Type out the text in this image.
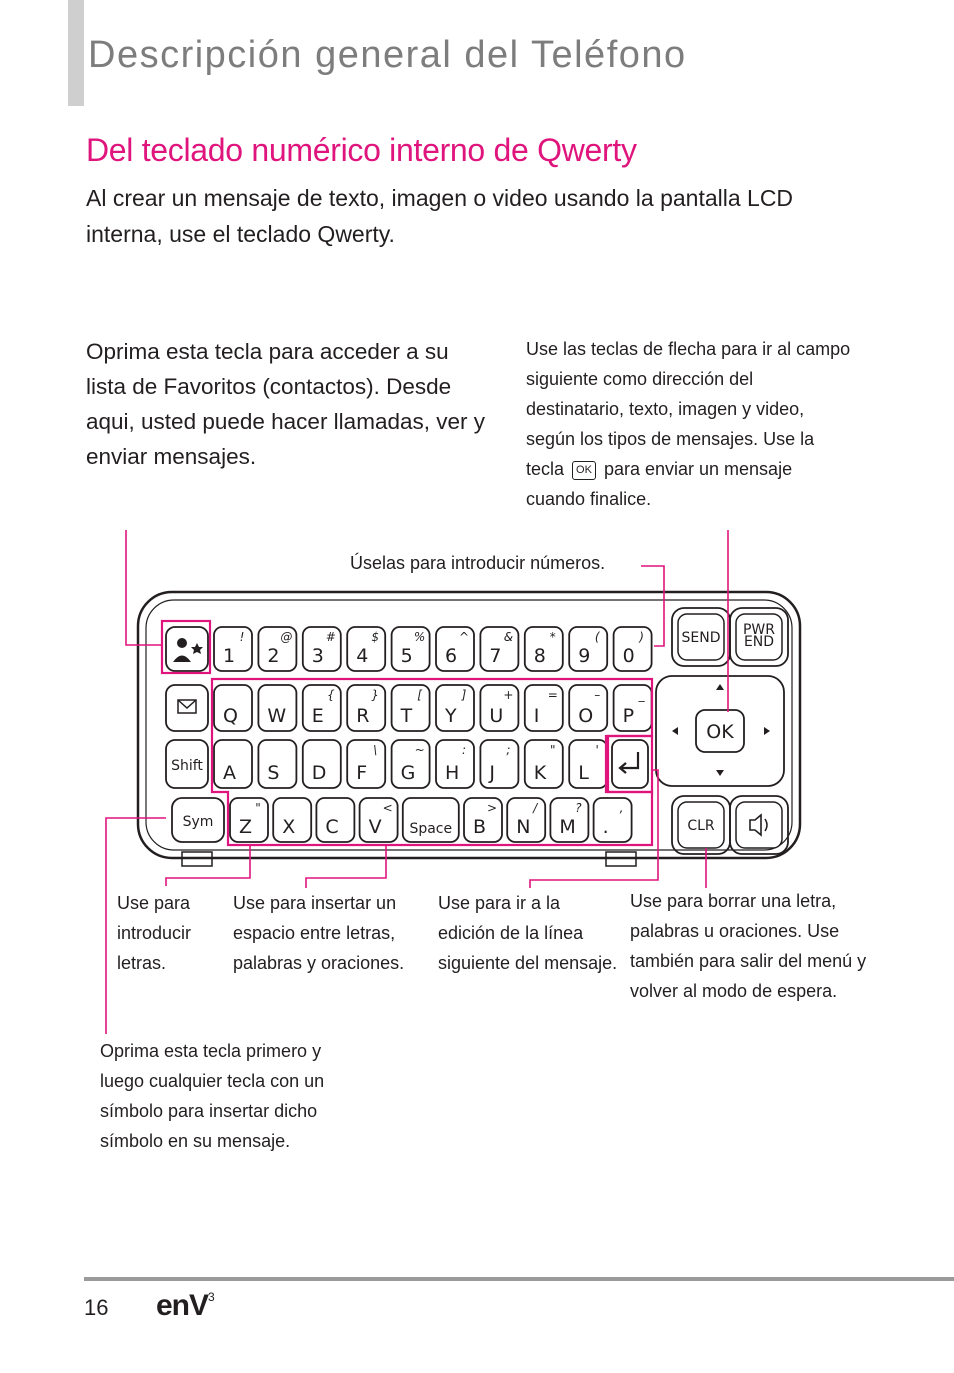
Descripción general del Teléfono
Del teclado numérico interno de Qwerty

Al crear un mensaje de texto, imagen o video usando la pantalla LCD interna, use el teclado Qwerty.

Oprima esta tecla para acceder a su lista de Favoritos (contactos). Desde aqui, usted puede hacer llamadas, ver y enviar mensajes.

Use las teclas de flecha para ir al campo siguiente como dirección del destinatario, texto, imagen y video, según los tipos de mensajes. Use la tecla OK para enviar un mensaje cuando finalice.

Úselas para introducir números.

Use para introducir letras.

Use para insertar un espacio entre letras, palabras y oraciones.

Use para ir a la edición de la línea siguiente del mensaje.

Use para borrar una letra, palabras u oraciones. Use también para salir del menú y volver al modo de espera.

Oprima esta tecla primero y luego cualquier tecla con un símbolo para insertar dicho símbolo en su mensaje.

Shift
Sym
1
!
2
@
3
#
4
$
5
%
6
^
7
&
8
*
9
(
0
)
Q W E
{
R
}
T
[
Y
]
U
+
I
=
O
–
P
_
A S D F
\
G
~
H
:
J
;
K
"
L
'
Z
"
X C V
<
Space B
>
N
/
M
?
.
,
SEND PWR
END
OK
CLR
16 enV$^3$
